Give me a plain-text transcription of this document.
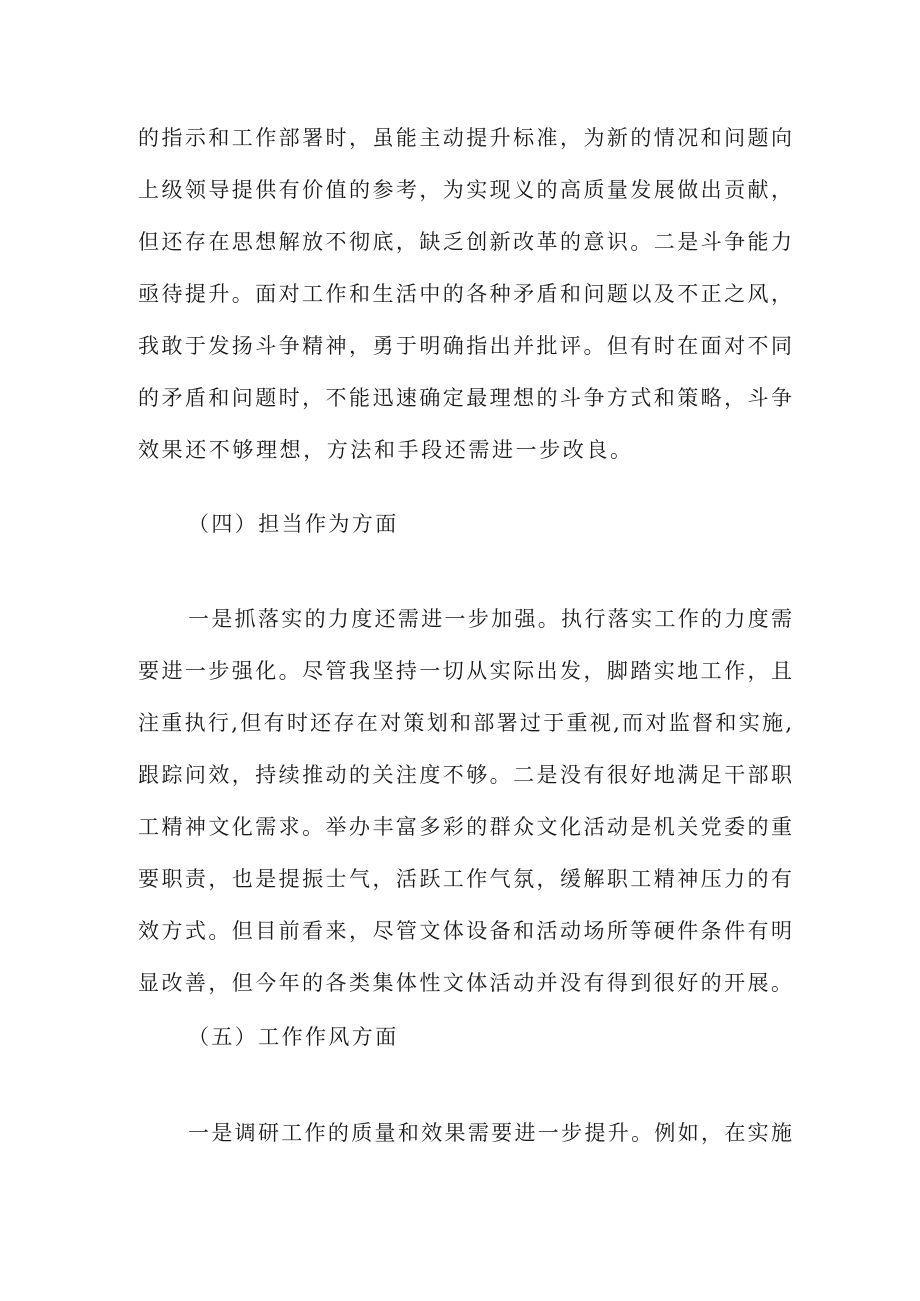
的指示和工作部署时，虽能主动提升标准，为新的情况和问题向
上级领导提供有价值的参考，为实现义的高质量发展做出贡献，
但还存在思想解放不彻底，缺乏创新改革的意识。二是斗争能力
亟待提升。面对工作和生活中的各种矛盾和问题以及不正之风，
我敢于发扬斗争精神，勇于明确指出并批评。但有时在面对不同
的矛盾和问题时，不能迅速确定最理想的斗争方式和策略，斗争
效果还不够理想，方法和手段还需进一步改良。
（四）担当作为方面
一是抓落实的力度还需进一步加强。执行落实工作的力度需
要进一步强化。尽管我坚持一切从实际出发，脚踏实地工作，且
注重执行,但有时还存在对策划和部署过于重视,而对监督和实施,
跟踪问效，持续推动的关注度不够。二是没有很好地满足干部职
工精神文化需求。举办丰富多彩的群众文化活动是机关党委的重
要职责，也是提振士气，活跃工作气氛，缓解职工精神压力的有
效方式。但目前看来，尽管文体设备和活动场所等硬件条件有明
显改善，但今年的各类集体性文体活动并没有得到很好的开展。
（五）工作作风方面
一是调研工作的质量和效果需要进一步提升。例如，在实施
